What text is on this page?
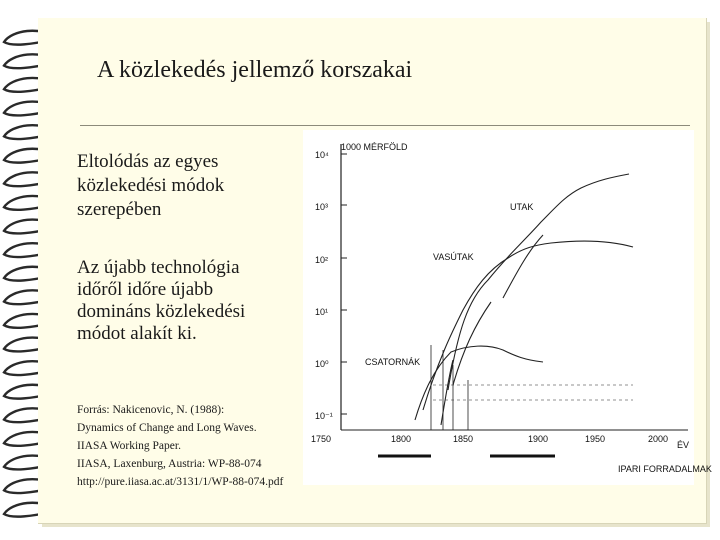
A közlekedés jellemző korszakai
Eltolódás az egyes
közlekedési módok
szerepében
Az újabb technológia
időről időre újabb
domináns közlekedési
módot alakít ki.
Forrás: Nakicenovic, N. (1988):
Dynamics of Change and Long Waves.
IIASA Working Paper.
IIASA, Laxenburg, Austria: WP-88-074
http://pure.iiasa.ac.at/3131/1/WP-88-074.pdf
1000 MÉRFÖLD
10⁴
10³
10²
10¹
10⁰
10⁻¹
1750	1800	1850	1900	1950	2000
ÉV
UTAK
VASÚTAK
CSATORNÁK
IPARI FORRADALMAK
